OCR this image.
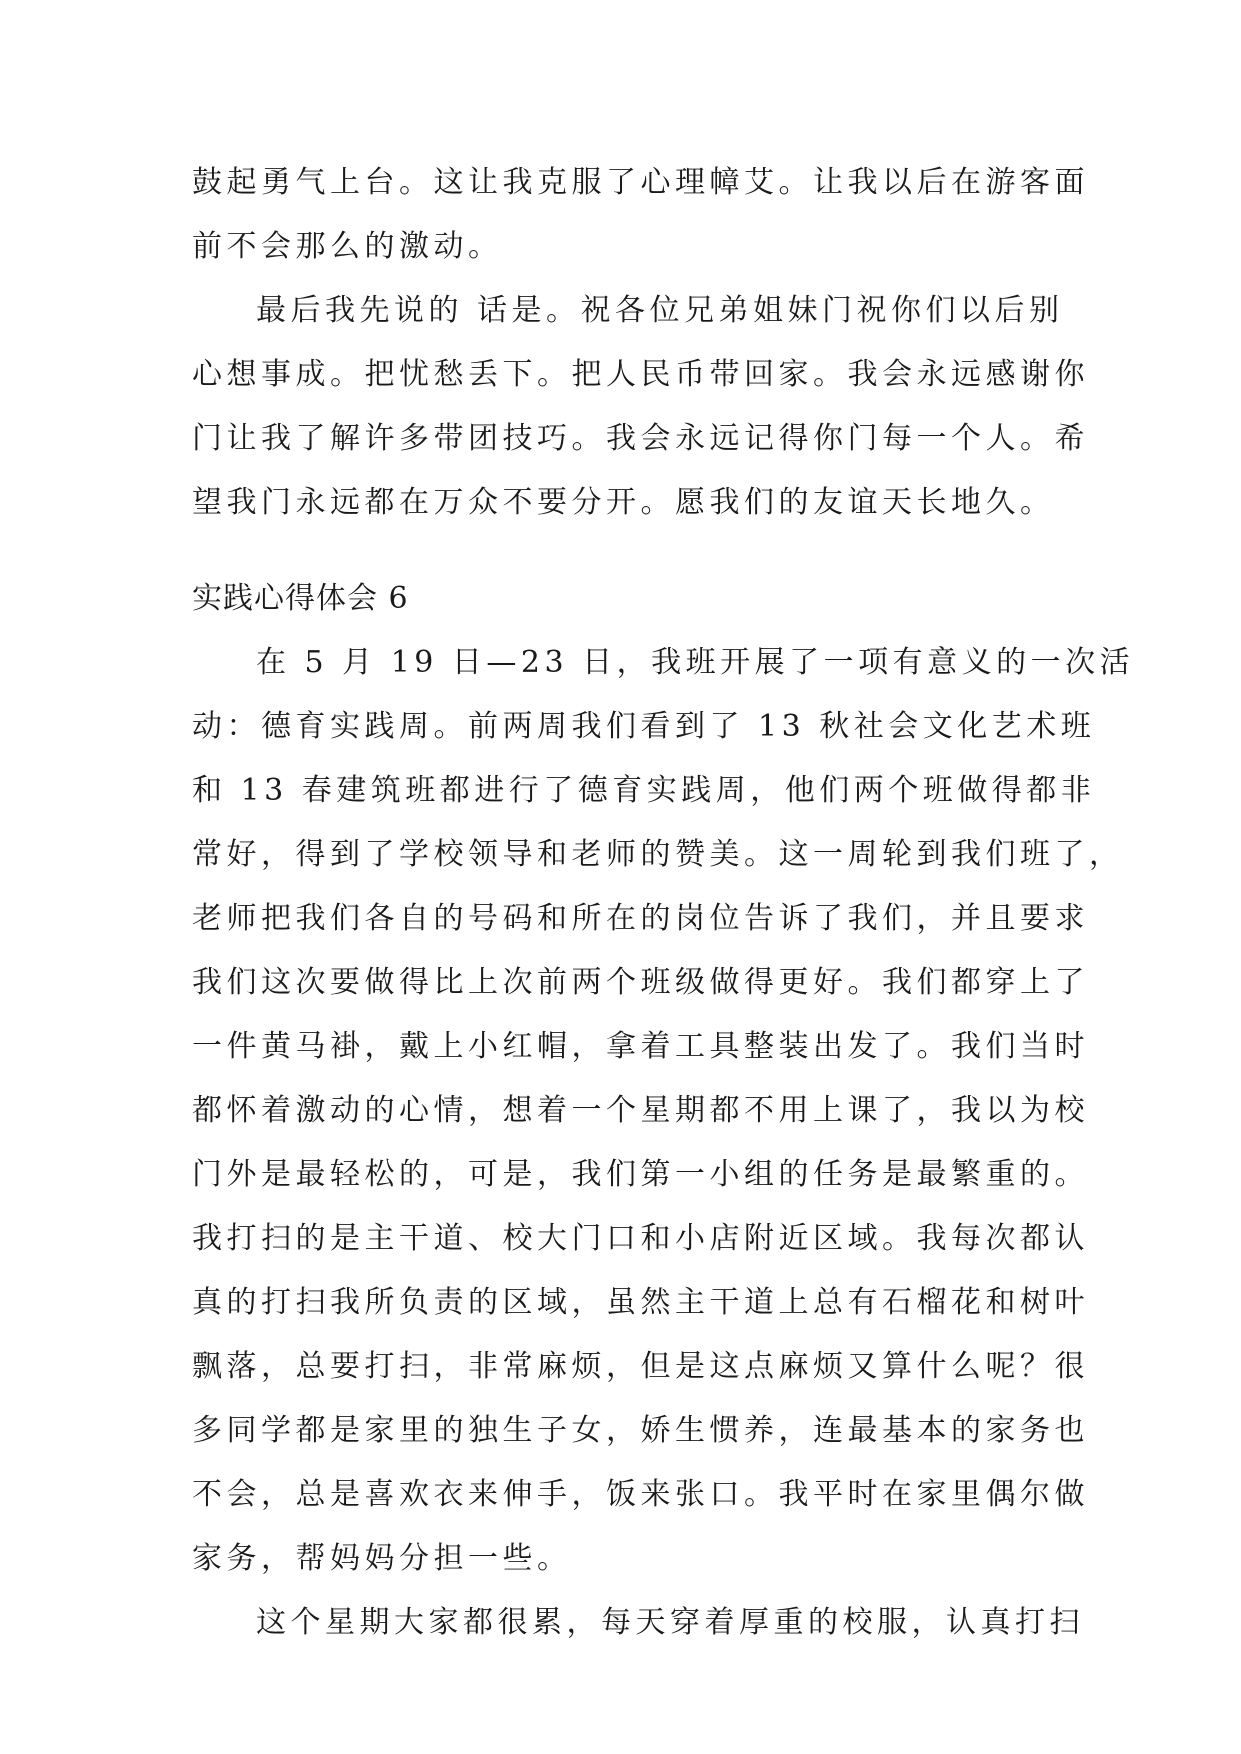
鼓起勇气上台。这让我克服了心理幛艾。让我以后在游客面
前不会那么的激动。
最后我先说的 话是。祝各位兄弟姐妹门祝你们以后别
心想事成。把忧愁丢下。把人民币带回家。我会永远感谢你
门让我了解许多带团技巧。我会永远记得你门每一个人。希
望我门永远都在万众不要分开。愿我们的友谊天长地久。
实践心得体会 6
在 5 月 19 日—23 日，我班开展了一项有意义的一次活
动：德育实践周。前两周我们看到了 13 秋社会文化艺术班
和 13 春建筑班都进行了德育实践周，他们两个班做得都非
常好，得到了学校领导和老师的赞美。这一周轮到我们班了，
老师把我们各自的号码和所在的岗位告诉了我们，并且要求
我们这次要做得比上次前两个班级做得更好。我们都穿上了
一件黄马褂，戴上小红帽，拿着工具整装出发了。我们当时
都怀着激动的心情，想着一个星期都不用上课了，我以为校
门外是最轻松的，可是，我们第一小组的任务是最繁重的。
我打扫的是主干道、校大门口和小店附近区域。我每次都认
真的打扫我所负责的区域，虽然主干道上总有石榴花和树叶
飘落，总要打扫，非常麻烦，但是这点麻烦又算什么呢？很
多同学都是家里的独生子女，娇生惯养，连最基本的家务也
不会，总是喜欢衣来伸手，饭来张口。我平时在家里偶尔做
家务，帮妈妈分担一些。
这个星期大家都很累，每天穿着厚重的校服，认真打扫
